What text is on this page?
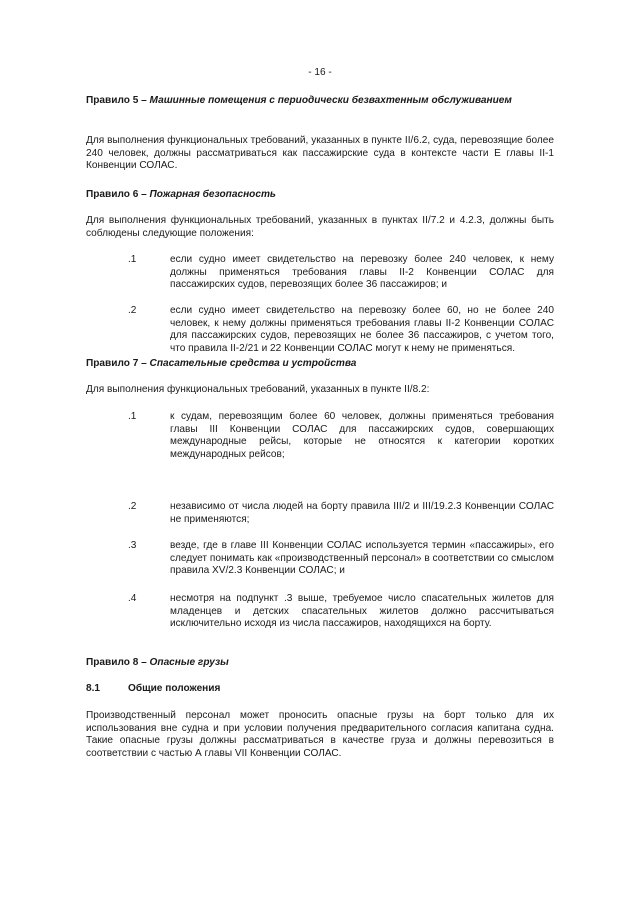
- 16 -
Правило 5 – Машинные помещения с периодически безвахтенным обслуживанием
Для выполнения функциональных требований, указанных в пункте II/6.2, суда, перевозящие более 240 человек, должны рассматриваться как пассажирские суда в контексте части Е главы II-1 Конвенции СОЛАС.
Правило 6 – Пожарная безопасность
Для выполнения функциональных требований, указанных в пунктах II/7.2 и 4.2.3, должны быть соблюдены следующие положения:
.1	если судно имеет свидетельство на перевозку более 240 человек, к нему должны применяться требования главы II-2 Конвенции СОЛАС для пассажирских судов, перевозящих более 36 пассажиров; и
.2	если судно имеет свидетельство на перевозку более 60, но не более 240 человек, к нему должны применяться требования главы II-2 Конвенции СОЛАС для пассажирских судов, перевозящих не более 36 пассажиров, с учетом того, что правила II-2/21 и 22 Конвенции СОЛАС могут к нему не применяться.
Правило 7 – Спасательные средства и устройства
Для выполнения функциональных требований, указанных в пункте II/8.2:
.1	к судам, перевозящим более 60 человек, должны применяться требования главы III Конвенции СОЛАС для пассажирских судов, совершающих международные рейсы, которые не относятся к категории коротких международных рейсов;
.2	независимо от числа людей на борту правила III/2 и III/19.2.3 Конвенции СОЛАС не применяются;
.3	везде, где в главе III Конвенции СОЛАС используется термин «пассажиры», его следует понимать как «производственный персонал» в соответствии со смыслом правила XV/2.3 Конвенции СОЛАС; и
.4	несмотря на подпункт .3 выше, требуемое число спасательных жилетов для младенцев и детских спасательных жилетов должно рассчитываться исключительно исходя из числа пассажиров, находящихся на борту.
Правило 8 – Опасные грузы
8.1	Общие положения
Производственный персонал может проносить опасные грузы на борт только для их использования вне судна и при условии получения предварительного согласия капитана судна. Такие опасные грузы должны рассматриваться в качестве груза и должны перевозиться в соответствии с частью А главы VII Конвенции СОЛАС.
